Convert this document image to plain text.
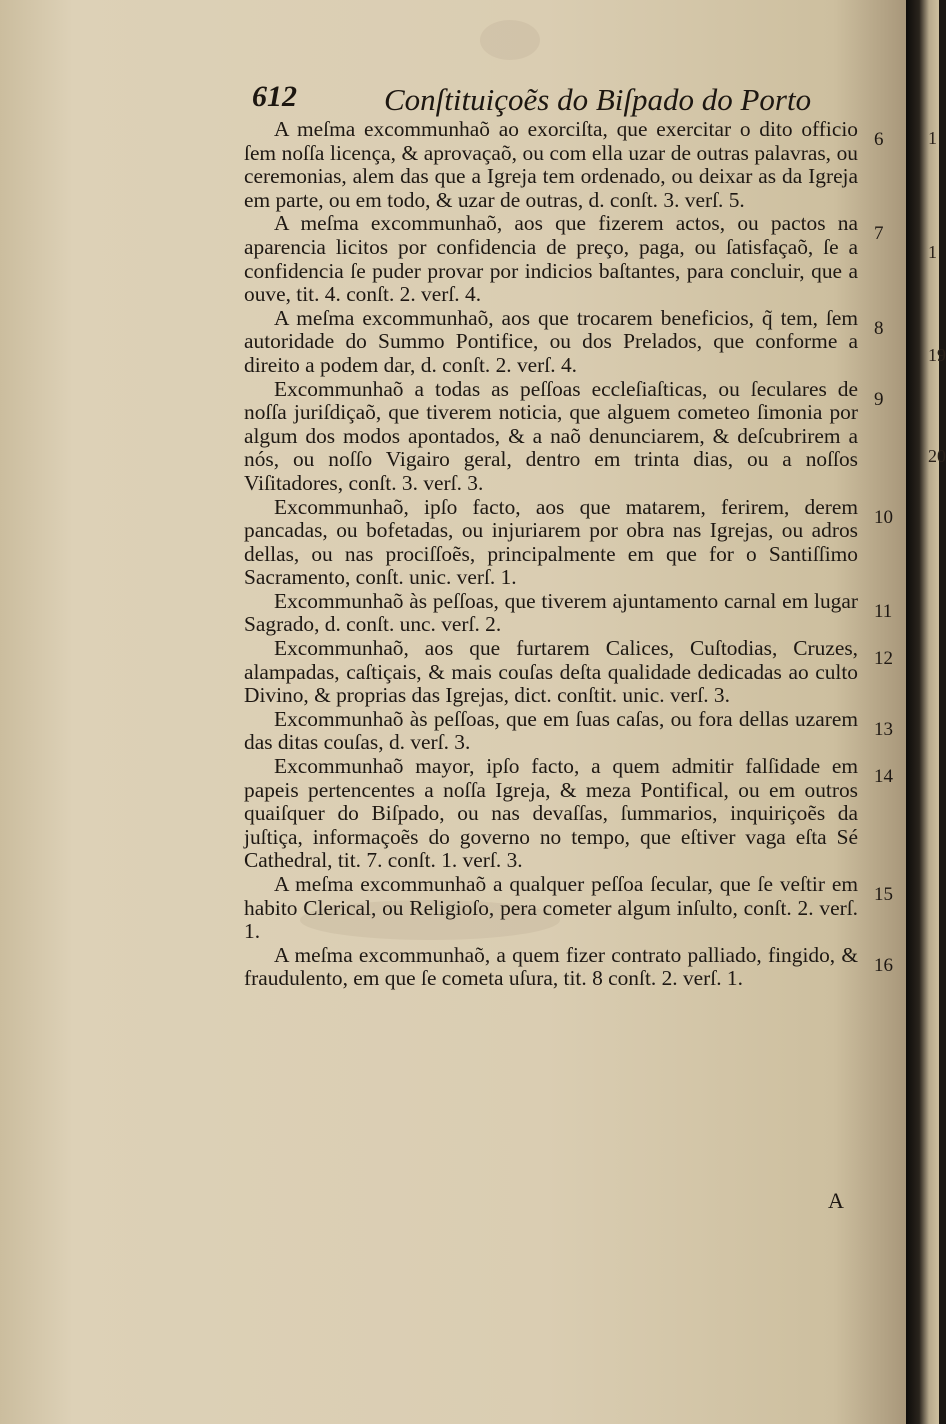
612	Conſtituiçoẽs do Biſpado do Porto

A meſma excommunhaõ ao exorciſta, que exercitar o dito officio ſem noſſa licença, & aprovaçaõ, ou com ella uzar de outras palavras, ou ceremonias, alem das que a Igreja tem ordenado, ou deixar as da Igreja em parte, ou em todo, & uzar de outras, d. conſt. 3. verſ. 5.
6

A meſma excommunhaõ, aos que fizerem actos, ou pactos na aparencia licitos por confidencia de preço, paga, ou ſatisfaçaõ, ſe a confidencia ſe puder provar por indicios baſtantes, para concluir, que a ouve, tit. 4. conſt. 2. verſ. 4.
7

A meſma excommunhaõ, aos que trocarem beneficios, q̃ tem, ſem autoridade do Summo Pontifice, ou dos Prelados, que conforme a direito a podem dar, d. conſt. 2. verſ. 4.
8

Excommunhaõ a todas as peſſoas eccleſiaſticas, ou ſeculares de noſſa juriſdiçaõ, que tiverem noticia, que alguem cometeo ſimonia por algum dos modos apontados, & a naõ denunciarem, & deſcubrirem a nós, ou noſſo Vigairo geral, dentro em trinta dias, ou a noſſos Viſitadores, conſt. 3. verſ. 3.
9

Excommunhaõ, ipſo facto, aos que matarem, ferirem, derem pancadas, ou bofetadas, ou injuriarem por obra nas Igrejas, ou adros dellas, ou nas prociſſoẽs, principalmente em que for o Santiſſimo Sacramento, conſt. unic. verſ. 1.
10

Excommunhaõ às peſſoas, que tiverem ajuntamento carnal em lugar Sagrado, d. conſt. unc. verſ. 2.
11

Excommunhaõ, aos que furtarem Calices, Cuſtodias, Cruzes, alampadas, caſtiçais, & mais couſas deſta qualidade dedicadas ao culto Divino, & proprias das Igrejas, dict. conſtit. unic. verſ. 3.
12

Excommunhaõ às peſſoas, que em ſuas caſas, ou fora dellas uzarem das ditas couſas, d. verſ. 3.
13

Excommunhaõ mayor, ipſo facto, a quem admitir falſidade em papeis pertencentes a noſſa Igreja, & meza Pontifical, ou em outros quaiſquer do Biſpado, ou nas devaſſas, ſummarios, inquiriçoẽs da juſtiça, informaçoẽs do governo no tempo, que eſtiver vaga eſta Sé Cathedral, tit. 7. conſt. 1. verſ. 3.
14

A meſma excommunhaõ a qualquer peſſoa ſecular, que ſe veſtir em habito Clerical, ou Religioſo, pera cometer algum inſulto, conſt. 2. verſ. 1.
15

A meſma excommunhaõ, a quem fizer contrato palliado, fingido, & fraudulento, em que ſe cometa uſura, tit. 8 conſt. 2. verſ. 1.
16

A
1
1
19
20
